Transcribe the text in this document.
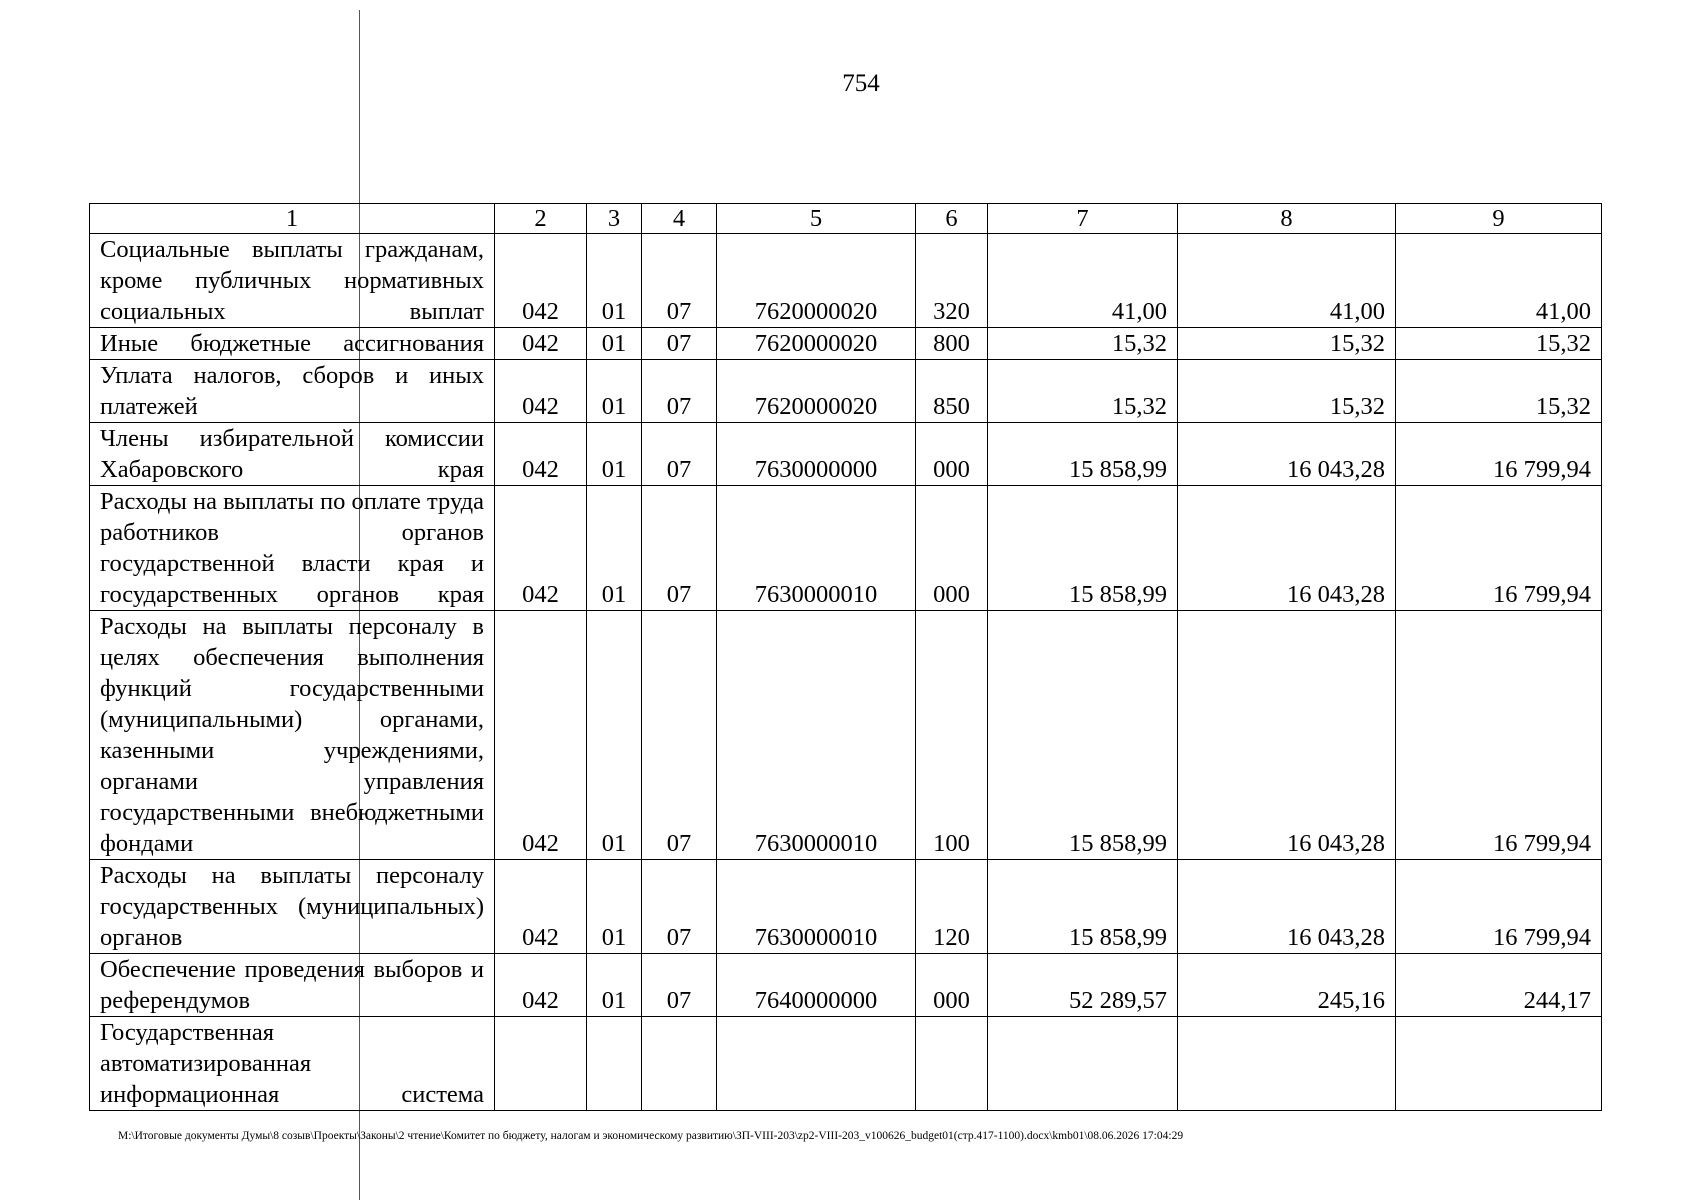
754
1	2	3	4	5	6	7	8	9
Социальные выплаты гражданам, кроме публичных нормативных социальных выплат	042	01	07	7620000020	320	41,00	41,00	41,00
Иные бюджетные ассигнования	042	01	07	7620000020	800	15,32	15,32	15,32
Уплата налогов, сборов и иных платежей	042	01	07	7620000020	850	15,32	15,32	15,32
Члены избирательной комиссии Хабаровского края	042	01	07	7630000000	000	15 858,99	16 043,28	16 799,94
Расходы на выплаты по оплате труда работников органов государственной власти края и государственных органов края	042	01	07	7630000010	000	15 858,99	16 043,28	16 799,94
Расходы на выплаты персоналу в целях обеспечения выполнения функций государственными (муниципальными) органами, казенными учреждениями, органами управления государственными внебюджетными фондами	042	01	07	7630000010	100	15 858,99	16 043,28	16 799,94
Расходы на выплаты персоналу государственных (муниципальных) органов	042	01	07	7630000010	120	15 858,99	16 043,28	16 799,94
Обеспечение проведения выборов и референдумов	042	01	07	7640000000	000	52 289,57	245,16	244,17
Государственная автоматизированная информационная система								
M:\Итоговые документы Думы\8 созыв\Проекты\Законы\2 чтение\Комитет по бюджету, налогам и экономическому развитию\ЗП-VIII-203\zp2-VIII-203_v100626_budget01(стр.417-1100).docx\kmb01\08.06.2026 17:04:29
